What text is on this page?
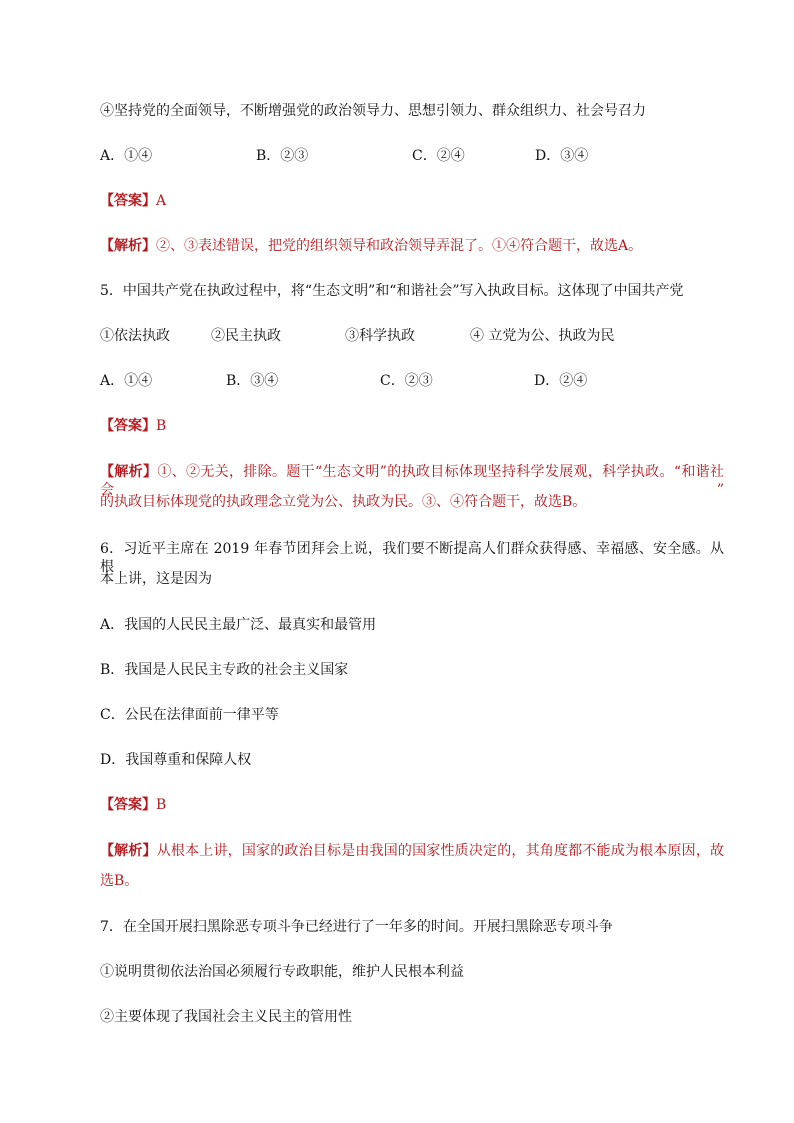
④坚持党的全面领导，不断增强党的政治领导力、思想引领力、群众组织力、社会号召力
A．①④	B．②③	C．②④	D．③④
【答案】A
【解析】②、③表述错误，把党的组织领导和政治领导弄混了。①④符合题干，故选A。
5．中国共产党在执政过程中，将“生态文明”和“和谐社会”写入执政目标。这体现了中国共产党
①依法执政	②民主执政	③科学执政	④ 立党为公、执政为民
A．①④	B．③④	C．②③	D．②④
【答案】B
【解析】①、②无关，排除。题干“生态文明”的执政目标体现坚持科学发展观，科学执政。“和谐社会”
的执政目标体现党的执政理念立党为公、执政为民。③、④符合题干，故选B。
6．习近平主席在 2019 年春节团拜会上说，我们要不断提高人们群众获得感、幸福感、安全感。从根
本上讲，这是因为
A．我国的人民民主最广泛、最真实和最管用
B．我国是人民民主专政的社会主义国家
C．公民在法律面前一律平等
D．我国尊重和保障人权
【答案】B
【解析】从根本上讲，国家的政治目标是由我国的国家性质决定的，其角度都不能成为根本原因，故
选B。
7．在全国开展扫黑除恶专项斗争已经进行了一年多的时间。开展扫黑除恶专项斗争
①说明贯彻依法治国必须履行专政职能，维护人民根本利益
②主要体现了我国社会主义民主的管用性
